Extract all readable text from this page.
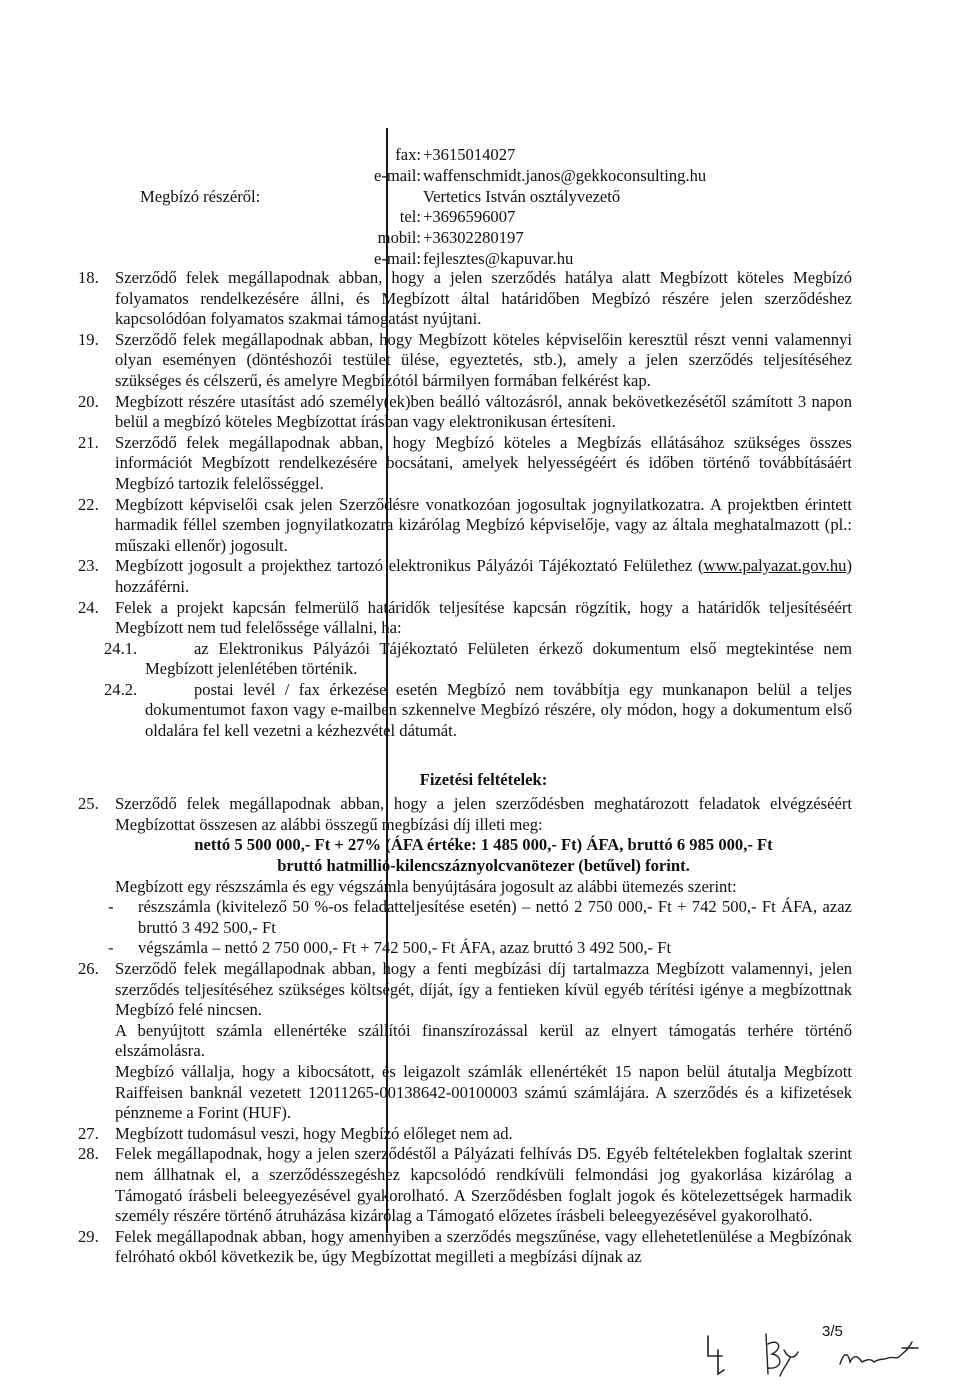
fax: +3615014027
e-mail: waffenschmidt.janos@gekkoconsulting.hu
Megbízó részéről:	Vertetics István osztályvezető
tel: +3696596007
mobil: +36302280197
e-mail: fejlesztes@kapuvar.hu

18. Szerződő felek megállapodnak abban, hogy a jelen szerződés hatálya alatt Megbízott köteles Megbízó folyamatos rendelkezésére állni, és Megbízott által határidőben Megbízó részére jelen szerződéshez kapcsolódóan folyamatos szakmai támogatást nyújtani.

19. Szerződő felek megállapodnak abban, hogy Megbízott köteles képviselőin keresztül részt venni valamennyi olyan eseményen (döntéshozói testület ülése, egyeztetés, stb.), amely a jelen szerződés teljesítéséhez szükséges és célszerű, és amelyre Megbízótól bármilyen formában felkérést kap.

20. Megbízott részére utasítást adó személy(ek)ben beálló változásról, annak bekövetkezésétől számított 3 napon belül a megbízó köteles Megbízottat írásban vagy elektronikusan értesíteni.

21. Szerződő felek megállapodnak abban, hogy Megbízó köteles a Megbízás ellátásához szükséges összes információt Megbízott rendelkezésére bocsátani, amelyek helyességéért és időben történő továbbításáért Megbízó tartozik felelősséggel.

22. Megbízott képviselői csak jelen Szerződésre vonatkozóan jogosultak jognyilatkozatra. A projektben érintett harmadik féllel szemben jognyilatkozatra kizárólag Megbízó képviselője, vagy az általa meghatalmazott (pl.: műszaki ellenőr) jogosult.

23. Megbízott jogosult a projekthez tartozó elektronikus Pályázói Tájékoztató Felülethez (www.palyazat.gov.hu) hozzáférni.

24. Felek a projekt kapcsán felmerülő határidők teljesítése kapcsán rögzítik, hogy a határidők teljesítéséért Megbízott nem tud felelőssége vállalni, ha:

24.1.	az Elektronikus Pályázói Tájékoztató Felületen érkező dokumentum első megtekintése nem Megbízott jelenlétében történik.

24.2.	postai levél / fax érkezése esetén Megbízó nem továbbítja egy munkanapon belül a teljes dokumentumot faxon vagy e-mailben szkennelve Megbízó részére, oly módon, hogy a dokumentum első oldalára fel kell vezetni a kézhezvétel dátumát.

Fizetési feltételek:

25. Szerződő felek megállapodnak abban, hogy a jelen szerződésben meghatározott feladatok elvégzéséért Megbízottat összesen az alábbi összegű megbízási díj illeti meg:

nettó 5 500 000,- Ft + 27% (ÁFA értéke: 1 485 000,- Ft) ÁFA, bruttó 6 985 000,- Ft

bruttó hatmillió-kilencszáznyolcvanötezer (betűvel) forint.

Megbízott egy részszámla és egy végszámla benyújtására jogosult az alábbi ütemezés szerint:

- részszámla (kivitelező 50 %-os feladatteljesítése esetén) – nettó 2 750 000,- Ft + 742 500,- Ft ÁFA, azaz bruttó 3 492 500,- Ft

- végszámla – nettó 2 750 000,- Ft + 742 500,- Ft ÁFA, azaz bruttó 3 492 500,- Ft

26. Szerződő felek megállapodnak abban, hogy a fenti megbízási díj tartalmazza Megbízott valamennyi, jelen szerződés teljesítéséhez szükséges költségét, díját, így a fentieken kívül egyéb térítési igénye a megbízottnak Megbízó felé nincsen.

A benyújtott számla ellenértéke szállítói finanszírozással kerül az elnyert támogatás terhére történő elszámolásra.

Megbízó vállalja, hogy a kibocsátott, és leigazolt számlák ellenértékét 15 napon belül átutalja Megbízott Raiffeisen banknál vezetett 12011265-00138642-00100003 számú számlájára. A szerződés és a kifizetések pénzneme a Forint (HUF).

27. Megbízott tudomásul veszi, hogy Megbízó előleget nem ad.

28. Felek megállapodnak, hogy a jelen szerződéstől a Pályázati felhívás D5. Egyéb feltételekben foglaltak szerint nem állhatnak el, a szerződésszegéshez kapcsolódó rendkívüli felmondási jog gyakorlása kizárólag a Támogató írásbeli beleegyezésével gyakorolható. A Szerződésben foglalt jogok és kötelezettségek harmadik személy részére történő átruházása kizárólag a Támogató előzetes írásbeli beleegyezésével gyakorolható.

29. Felek megállapodnak abban, hogy amennyiben a szerződés megszűnése, vagy ellehetetlenülése a Megbízónak felróható okból következik be, úgy Megbízottat megilleti a megbízási díjnak az

3/5
